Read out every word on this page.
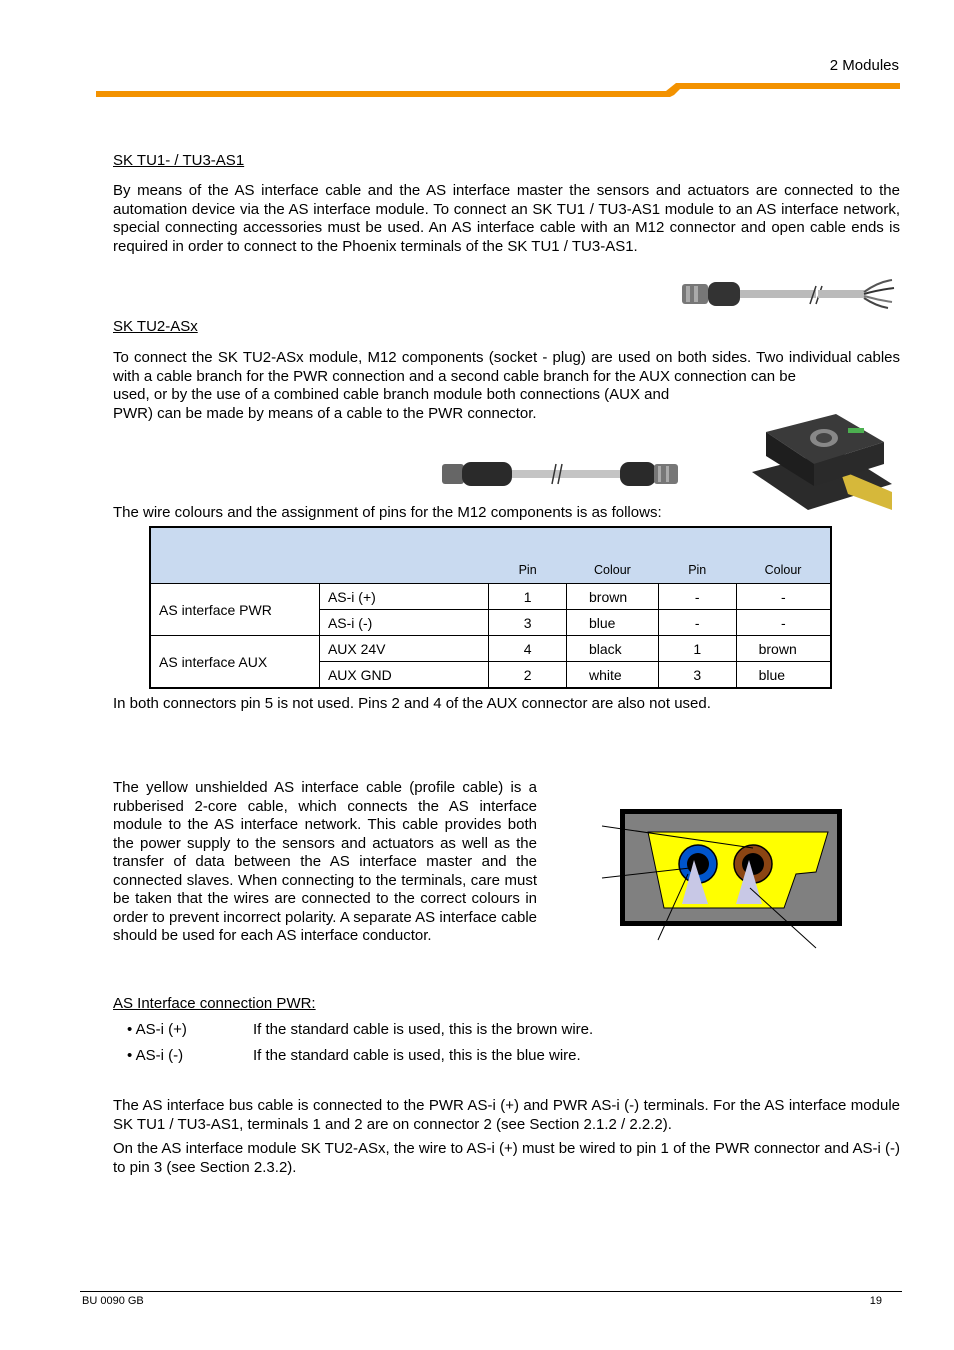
2 Modules
SK TU1- / TU3-AS1
By means of the AS interface cable and the AS interface master the sensors and actuators are connected to the automation device via the AS interface module. To connect an SK TU1 / TU3-AS1 module to an AS interface network, special connecting accessories must be used. An AS interface cable with an M12 connector and open cable ends is required in order to connect to the Phoenix terminals of the SK TU1 / TU3-AS1.
SK TU2-ASx
To connect the SK TU2-ASx module, M12 components (socket - plug) are used on both sides. Two individual cables with a cable branch for the PWR connection and a second cable branch for the AUX connection can be
used, or by the use of a combined cable branch module both connections (AUX and
PWR) can be made by means of a cable to the PWR connector.
The wire colours and the assignment of pins for the M12 components is as follows:
		Pin	Colour	Pin	Colour
AS interface PWR	AS-i (+)	1	brown	-	-
	AS-i (-)	3	blue	-	-
AS interface AUX	AUX 24V	4	black	1	brown
	AUX GND	2	white	3	blue
In both connectors pin 5 is not used. Pins 2 and 4 of the AUX connector are also not used.
The yellow unshielded AS interface cable (profile cable) is a rubberised 2-core cable, which connects the AS interface module to the AS interface network. This cable provides both the power supply to the sensors and actuators as well as the transfer of data between the AS interface master and the connected slaves. When connecting to the terminals, care must be taken that the wires are connected to the correct colours in order to prevent incorrect polarity. A separate AS interface cable should be used for each AS interface conductor.
AS Interface connection PWR:
• AS-i (+)	If the standard cable is used, this is the brown wire.
• AS-i (-)	If the standard cable is used, this is the blue wire.
The AS interface bus cable is connected to the PWR AS-i (+) and PWR AS-i (-) terminals. For the AS interface module SK TU1 / TU3-AS1, terminals 1 and 2 are on connector 2 (see Section 2.1.2 / 2.2.2).
On the AS interface module SK TU2-ASx, the wire to AS-i (+) must be wired to pin 1 of the PWR connector and AS-i (-) to pin 3 (see Section 2.3.2).
BU 0090 GB	19
